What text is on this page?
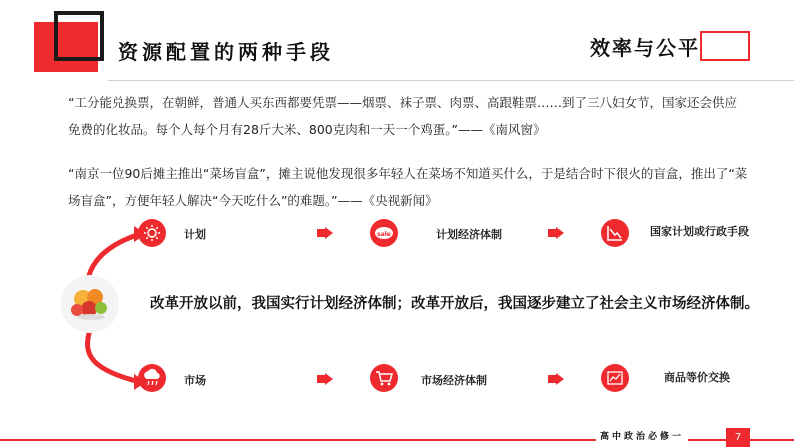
资源配置的两种手段	效率与公平
“工分能兑换票，在朝鲜，普通人买东西都要凭票——烟票、袜子票、肉票、高跟鞋票……到了三八妇女节，国家还会供应免费的化妆品。每个人每个月有28斤大米、800克肉和一天一个鸡蛋。”——《南风窗》
“南京一位90后摊主推出“菜场盲盒”，摊主说他发现很多年轻人在菜场不知道买什么，于是结合时下很火的盲盒，推出了“菜场盲盒”，方便年轻人解决“今天吃什么”的难题。”——《央视新闻》
计划	sale	计划经济体制	国家计划或行政手段
改革开放以前，我国实行计划经济体制；改革开放后，我国逐步建立了社会主义市场经济体制。
市场	市场经济体制	商品等价交换
高中政治必修一	7
